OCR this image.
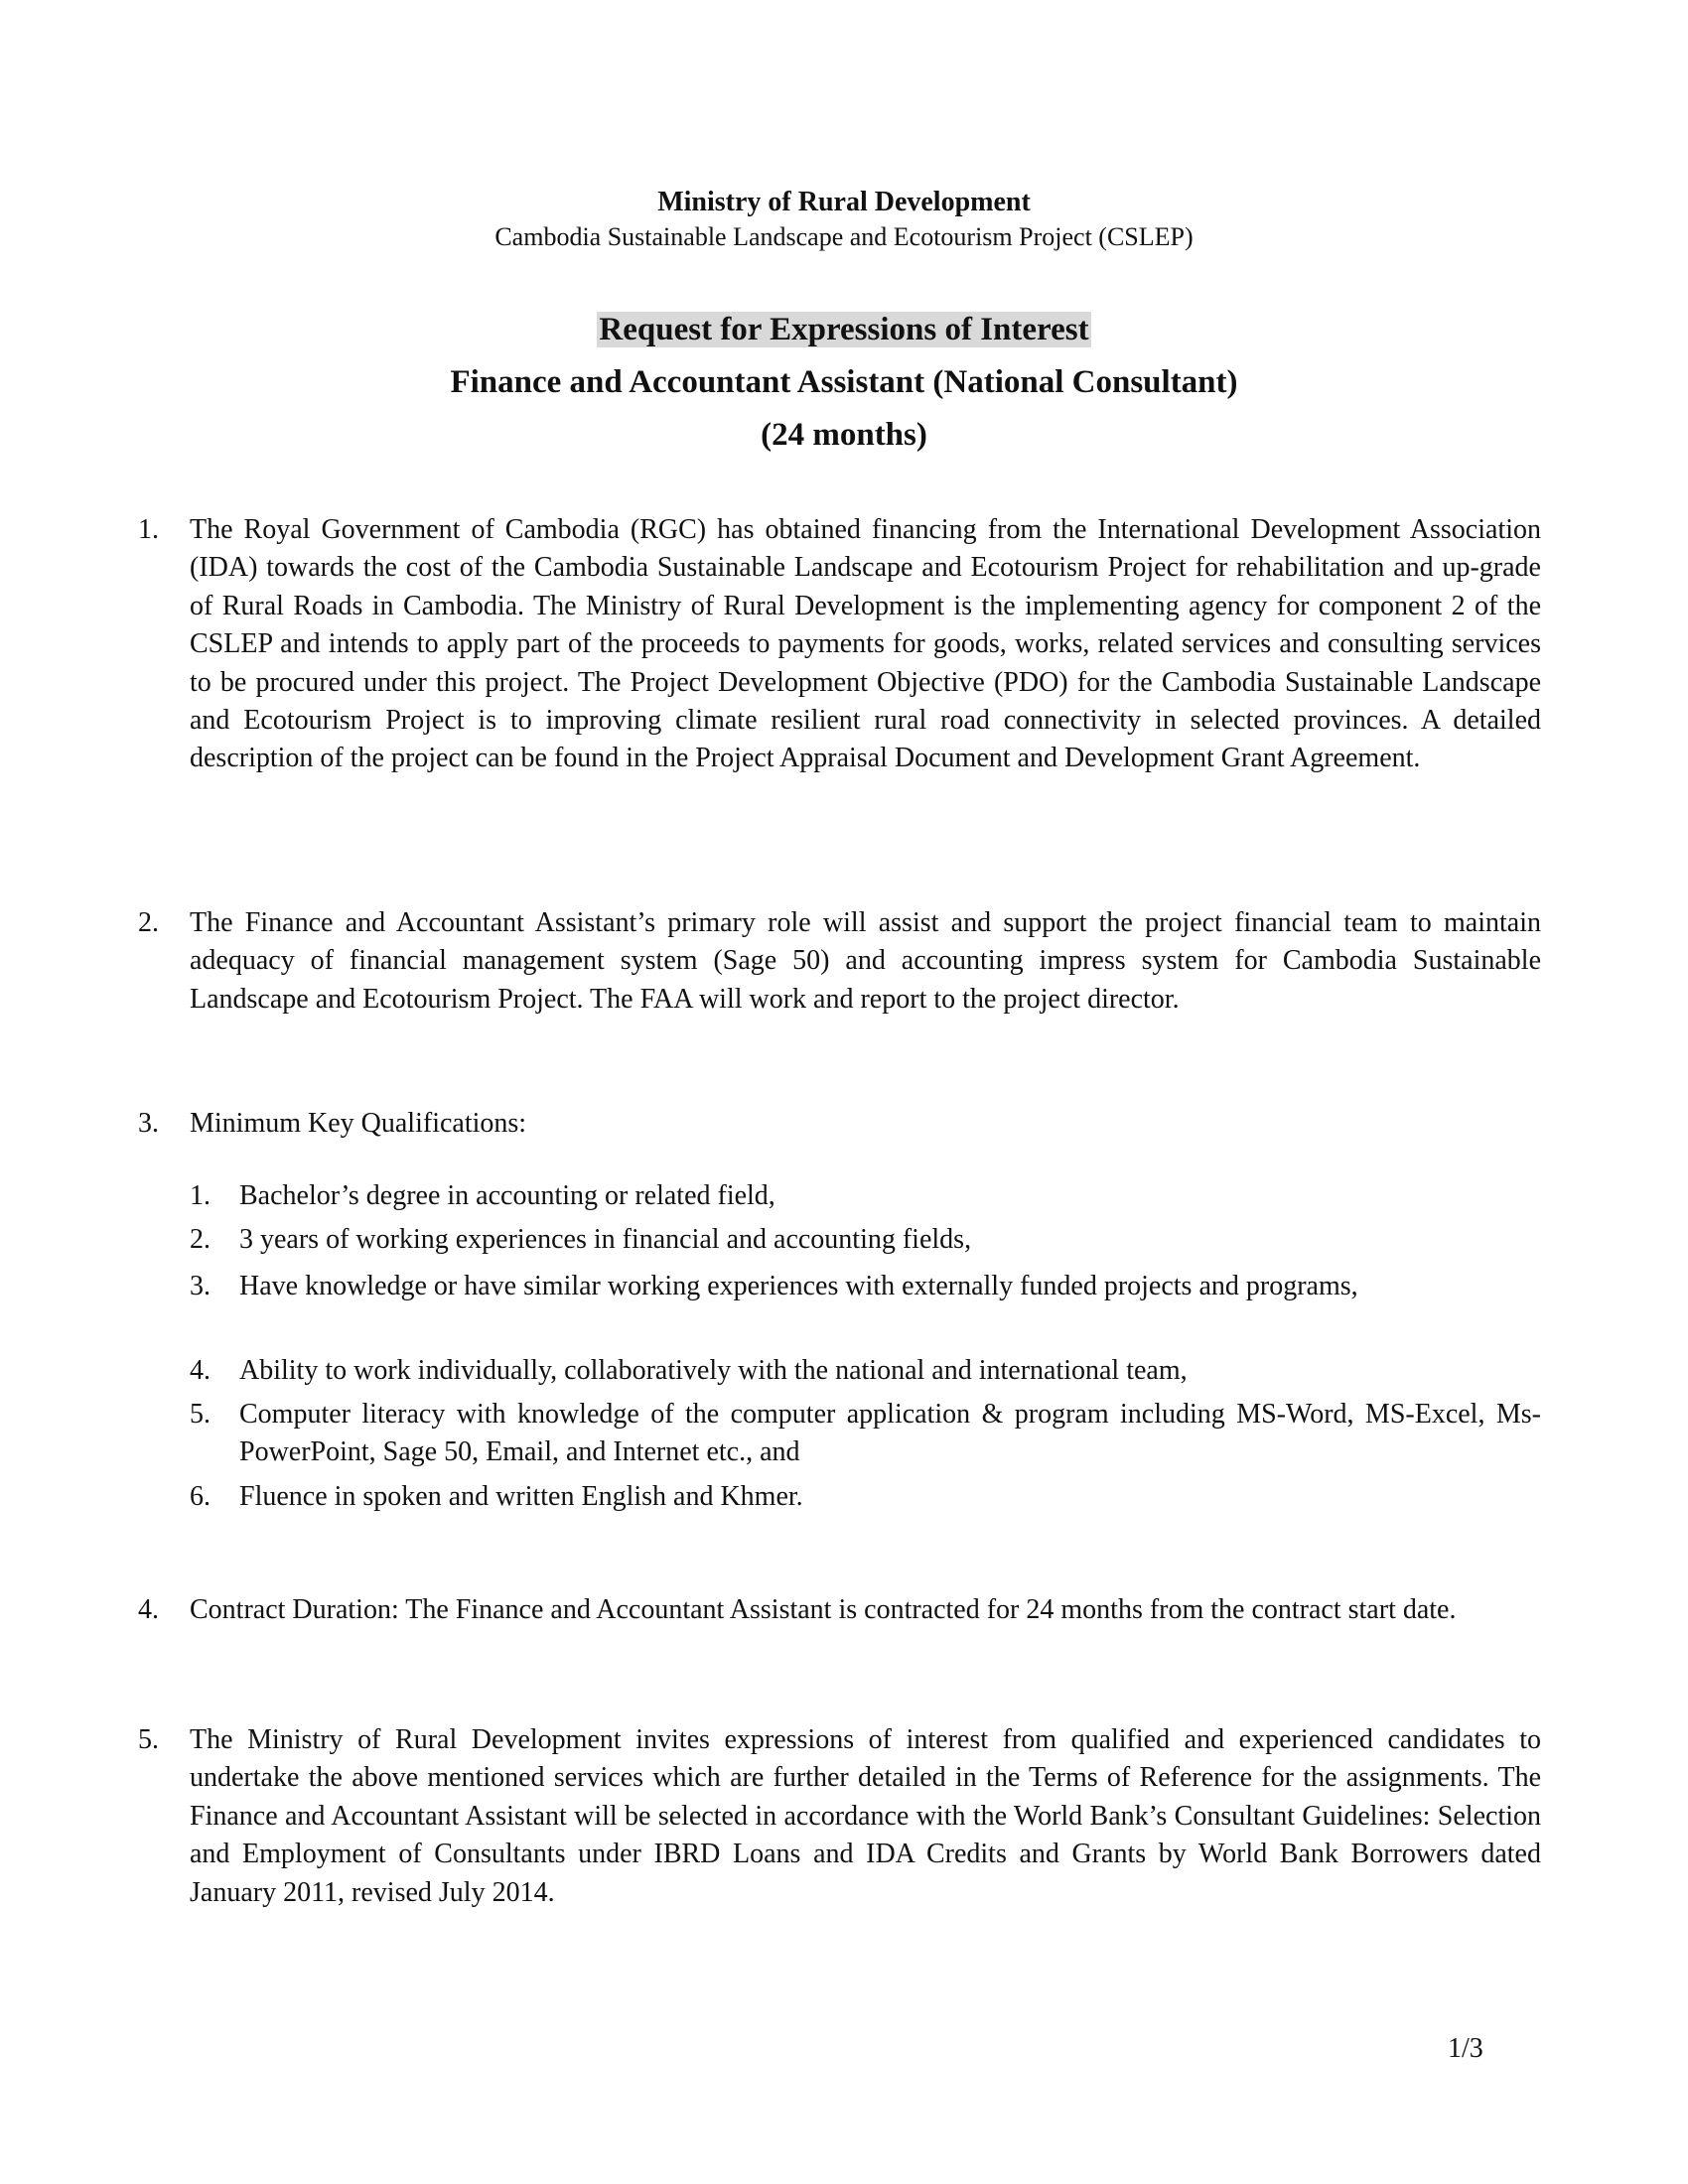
Ministry of Rural Development
Cambodia Sustainable Landscape and Ecotourism Project (CSLEP)
Request for Expressions of Interest
Finance and Accountant Assistant (National Consultant)
(24 months)
1. The Royal Government of Cambodia (RGC) has obtained financing from the International Development Association (IDA) towards the cost of the Cambodia Sustainable Landscape and Ecotourism Project for rehabilitation and up-grade of Rural Roads in Cambodia. The Ministry of Rural Development is the implementing agency for component 2 of the CSLEP and intends to apply part of the proceeds to payments for goods, works, related services and consulting services to be procured under this project. The Project Development Objective (PDO) for the Cambodia Sustainable Landscape and Ecotourism Project is to improving climate resilient rural road connectivity in selected provinces. A detailed description of the project can be found in the Project Appraisal Document and Development Grant Agreement.
2. The Finance and Accountant Assistant’s primary role will assist and support the project financial team to maintain adequacy of financial management system (Sage 50) and accounting impress system for Cambodia Sustainable Landscape and Ecotourism Project. The FAA will work and report to the project director.
3. Minimum Key Qualifications:
1. Bachelor’s degree in accounting or related field,
2. 3 years of working experiences in financial and accounting fields,
3. Have knowledge or have similar working experiences with externally funded projects and programs,
4. Ability to work individually, collaboratively with the national and international team,
5. Computer literacy with knowledge of the computer application & program including MS-Word, MS-Excel, Ms-PowerPoint, Sage 50, Email, and Internet etc., and
6. Fluence in spoken and written English and Khmer.
4. Contract Duration: The Finance and Accountant Assistant is contracted for 24 months from the contract start date.
5. The Ministry of Rural Development invites expressions of interest from qualified and experienced candidates to undertake the above mentioned services which are further detailed in the Terms of Reference for the assignments. The Finance and Accountant Assistant will be selected in accordance with the World Bank’s Consultant Guidelines: Selection and Employment of Consultants under IBRD Loans and IDA Credits and Grants by World Bank Borrowers dated January 2011, revised July 2014.
1/3
